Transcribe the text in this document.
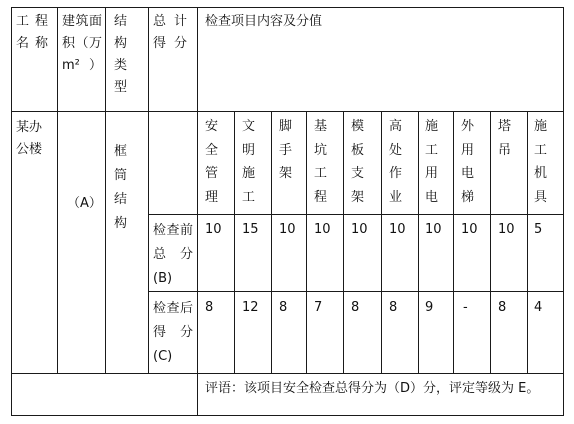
工程名称
建筑面积（万m²）
结构类型
总计得分
检查项目内容及分值
某办公楼
（A）
框筒结构
安全管理
文明施工
脚手架
基坑工程
模板支架
高处作业
施工用电
外用电梯
塔吊
施工机具
检查前总分(B)
检查后得分(C)
10 15 10 10 10 10 10 10 10 5
8 12 8 7 8 8 9 - 8 4
评语：该项目安全检查总得分为（D）分，评定等级为 E。
